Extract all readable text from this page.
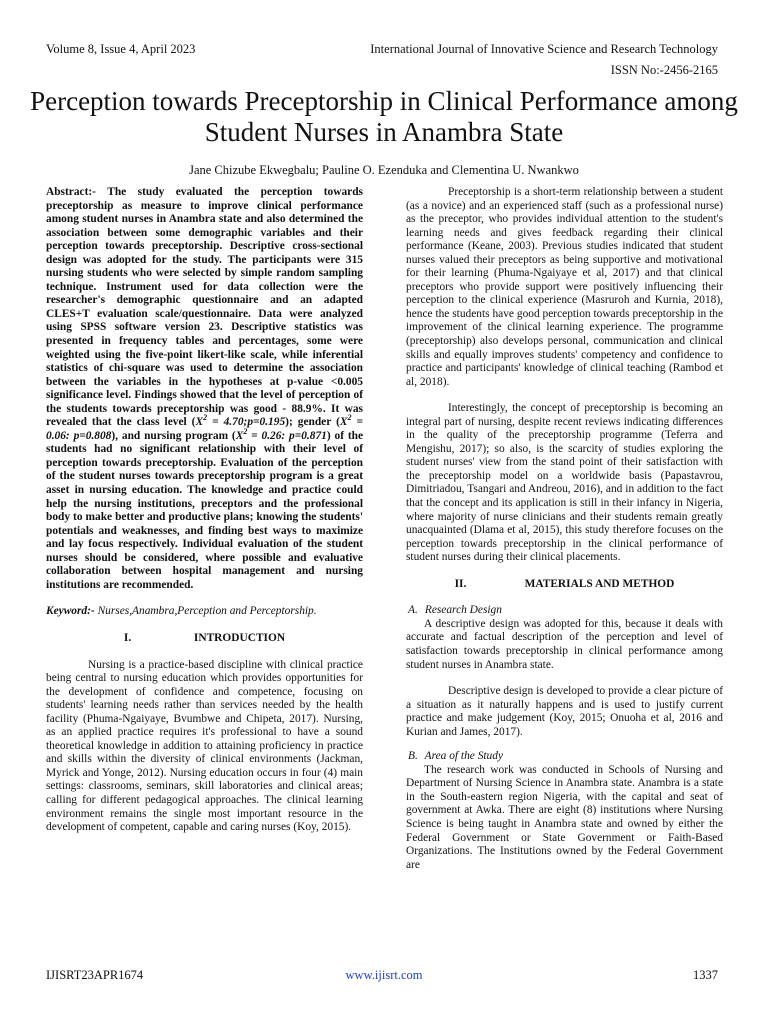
Volume 8, Issue 4, April 2023	International Journal of Innovative Science and Research Technology
ISSN No:-2456-2165
Perception towards Preceptorship in Clinical Performance among Student Nurses in Anambra State
Jane Chizube Ekwegbalu; Pauline O. Ezenduka and Clementina U. Nwankwo

Abstract:- The study evaluated the perception towards preceptorship as measure to improve clinical performance among student nurses in Anambra state and also determined the association between some demographic variables and their perception towards preceptorship. Descriptive cross-sectional design was adopted for the study. The participants were 315 nursing students who were selected by simple random sampling technique. Instrument used for data collection were the researcher's demographic questionnaire and an adapted CLES+T evaluation scale/questionnaire. Data were analyzed using SPSS software version 23. Descriptive statistics was presented in frequency tables and percentages, some were weighted using the five-point likert-like scale, while inferential statistics of chi-square was used to determine the association between the variables in the hypotheses at p-value <0.005 significance level. Findings showed that the level of perception of the students towards preceptorship was good - 88.9%. It was revealed that the class level ($X^2$ = 4.70;p=0.195); gender ($X^2 = 0.06$: p=0.808), and nursing program ($X^2 = 0.26$: p=0.871) of the students had no significant relationship with their level of perception towards preceptorship. Evaluation of the perception of the student nurses towards preceptorship program is a great asset in nursing education. The knowledge and practice could help the nursing institutions, preceptors and the professional body to make better and productive plans; knowing the students' potentials and weaknesses, and finding best ways to maximize and lay focus respectively. Individual evaluation of the student nurses should be considered, where possible and evaluative collaboration between hospital management and nursing institutions are recommended.

Keyword:- Nurses,Anambra,Perception and Perceptorship.

I.	INTRODUCTION

Nursing is a practice-based discipline with clinical practice being central to nursing education which provides opportunities for the development of confidence and competence, focusing on students' learning needs rather than services needed by the health facility (Phuma-Ngaiyaye, Bvumbwe and Chipeta, 2017). Nursing, as an applied practice requires it's professional to have a sound theoretical knowledge in addition to attaining proficiency in practice and skills within the diversity of clinical environments (Jackman, Myrick and Yonge, 2012). Nursing education occurs in four (4) main settings: classrooms, seminars, skill laboratories and clinical areas; calling for different pedagogical approaches. The clinical learning environment remains the single most important resource in the development of competent, capable and caring nurses (Koy, 2015).

Preceptorship is a short-term relationship between a student (as a novice) and an experienced staff (such as a professional nurse) as the preceptor, who provides individual attention to the student's learning needs and gives feedback regarding their clinical performance (Keane, 2003). Previous studies indicated that student nurses valued their preceptors as being supportive and motivational for their learning (Phuma-Ngaiyaye et al, 2017) and that clinical preceptors who provide support were positively influencing their perception to the clinical experience (Masruroh and Kurnia, 2018), hence the students have good perception towards preceptorship in the improvement of the clinical learning experience. The programme (preceptorship) also develops personal, communication and clinical skills and equally improves students' competency and confidence to practice and participants' knowledge of clinical teaching (Rambod et al, 2018).

Interestingly, the concept of preceptorship is becoming an integral part of nursing, despite recent reviews indicating differences in the quality of the preceptorship programme (Teferra and Mengishu, 2017); so also, is the scarcity of studies exploring the student nurses' view from the stand point of their satisfaction with the preceptorship model on a worldwide basis (Papastavrou, Dimitriadou, Tsangari and Andreou, 2016), and in addition to the fact that the concept and its application is still in their infancy in Nigeria, where majority of nurse clinicians and their students remain greatly unacquainted (Dlama et al, 2015), this study therefore focuses on the perception towards preceptorship in the clinical performance of student nurses during their clinical placements.

II.	MATERIALS AND METHOD

A. Research Design

A descriptive design was adopted for this, because it deals with accurate and factual description of the perception and level of satisfaction towards preceptorship in clinical performance among student nurses in Anambra state.

Descriptive design is developed to provide a clear picture of a situation as it naturally happens and is used to justify current practice and make judgement (Koy, 2015; Onuoha et al, 2016 and Kurian and James, 2017).

B. Area of the Study

The research work was conducted in Schools of Nursing and Department of Nursing Science in Anambra state. Anambra is a state in the South-eastern region Nigeria, with the capital and seat of government at Awka. There are eight (8) institutions where Nursing Science is being taught in Anambra state and owned by either the Federal Government or State Government or Faith-Based Organizations. The Institutions owned by the Federal Government are

IJISRT23APR1674	www.ijisrt.com	1337
